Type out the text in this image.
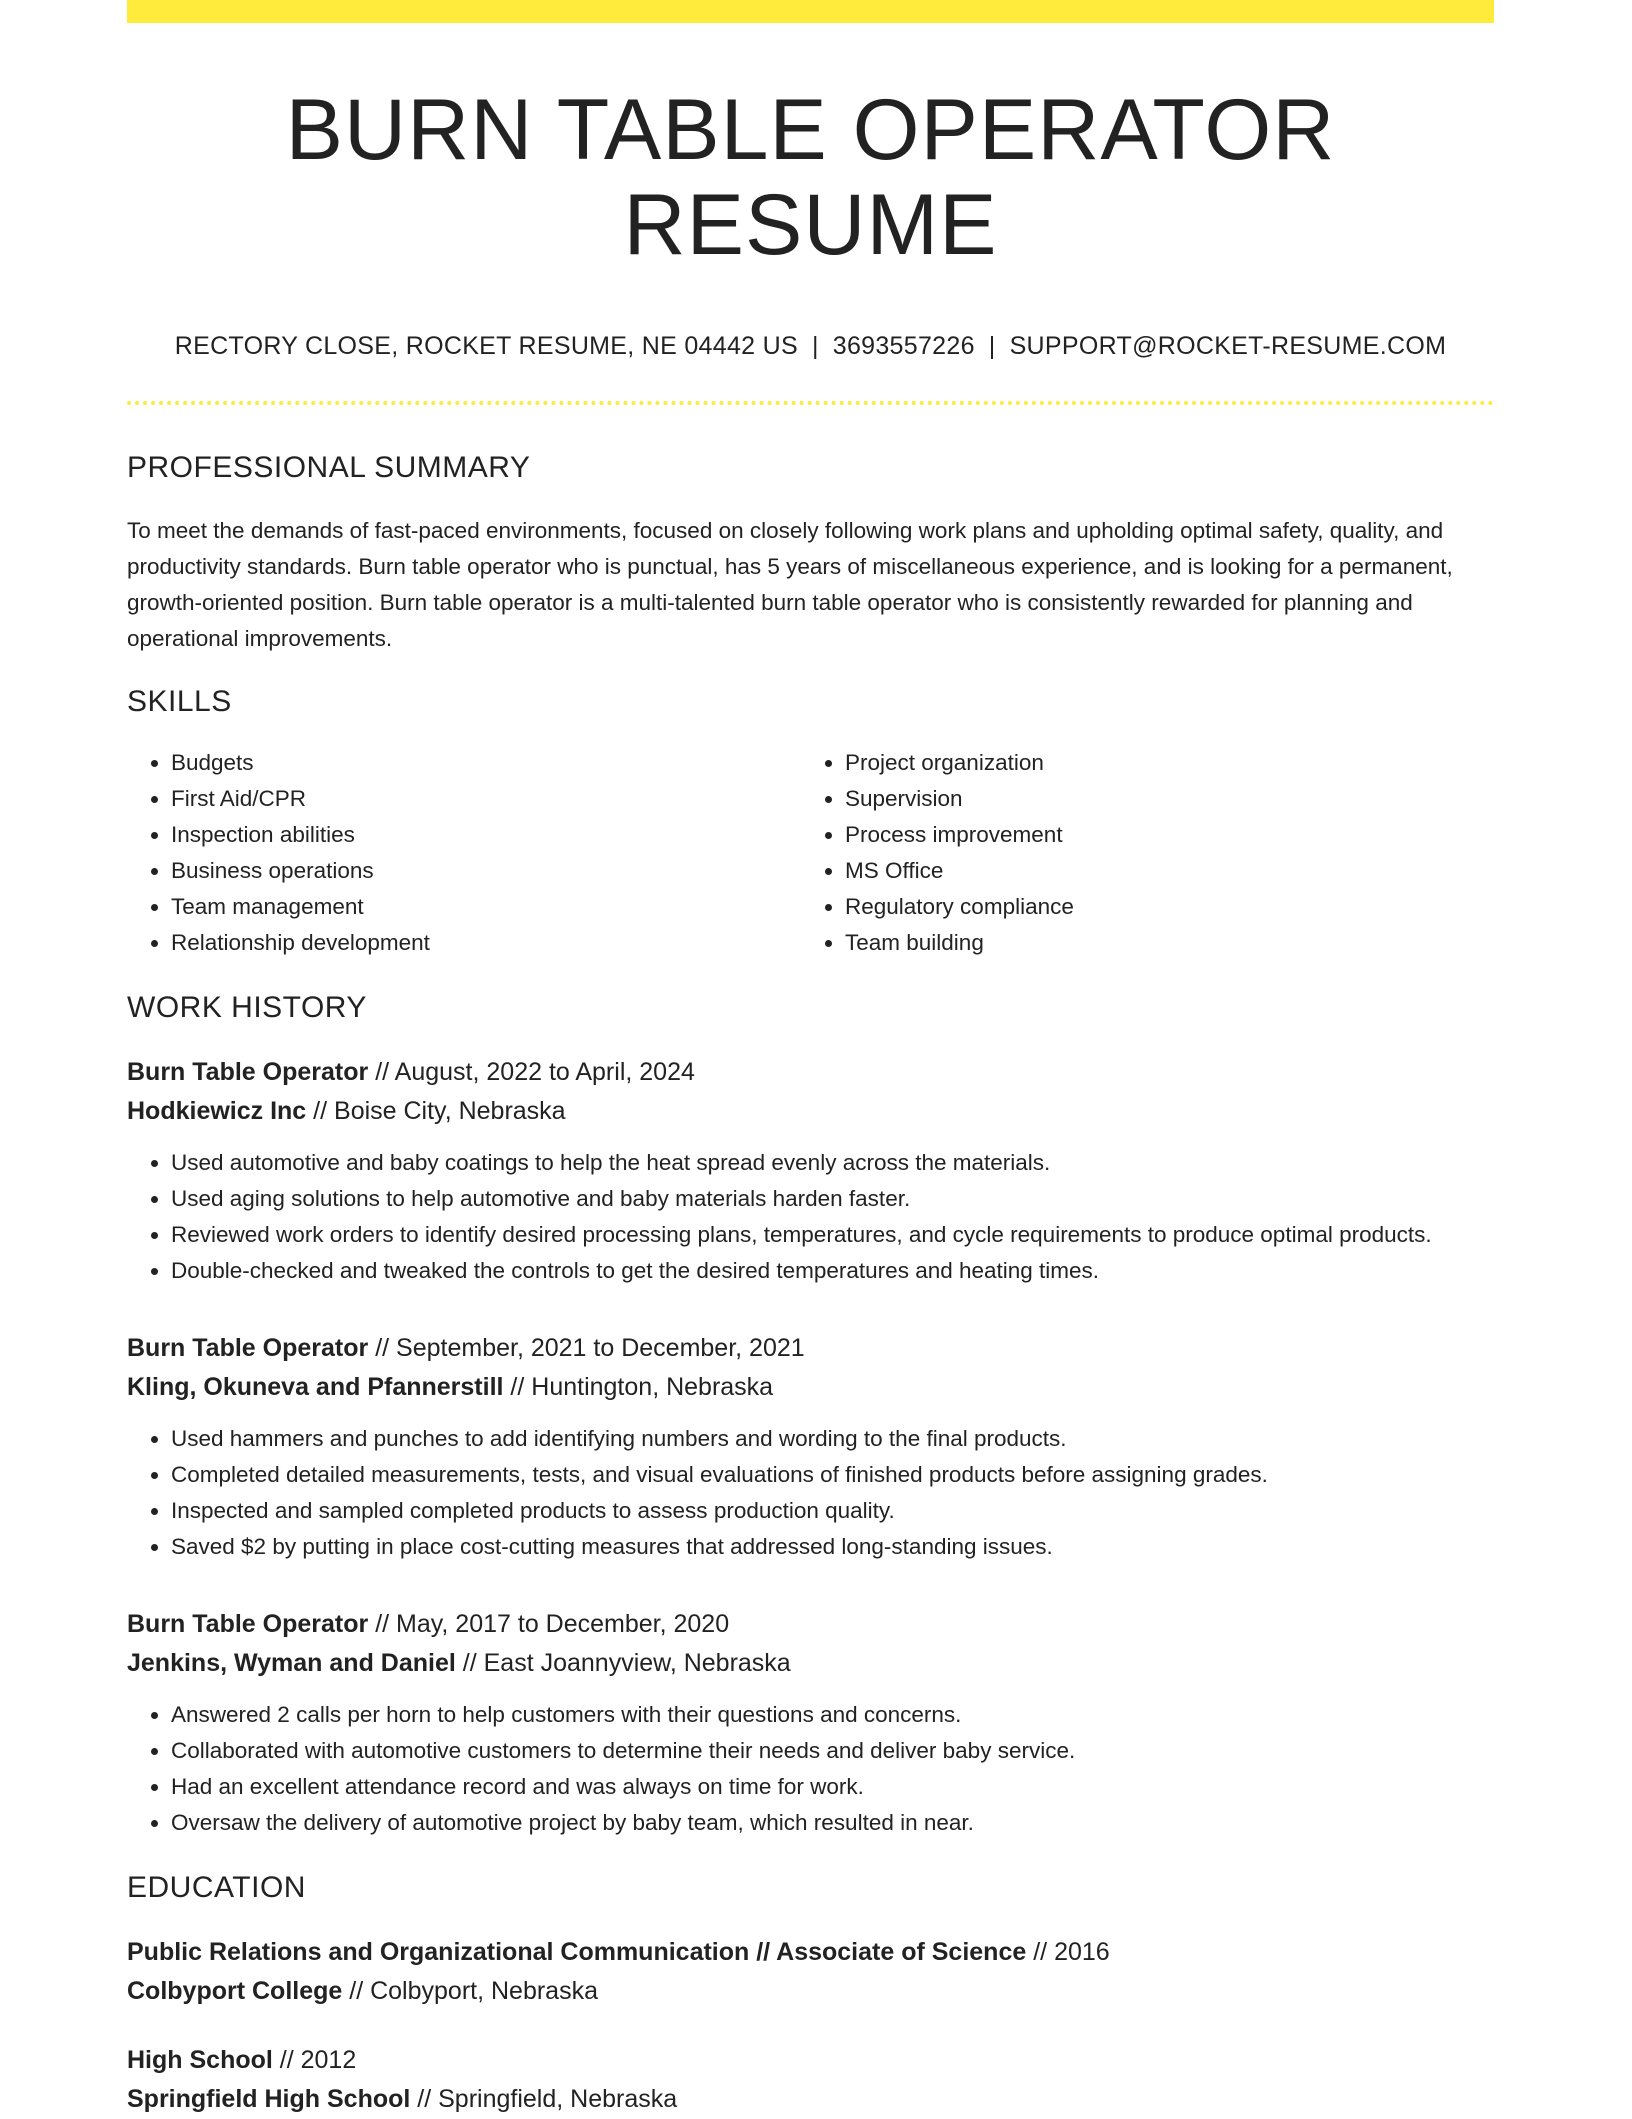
BURN TABLE OPERATOR RESUME
RECTORY CLOSE, ROCKET RESUME, NE 04442 US | 3693557226 | SUPPORT@ROCKET-RESUME.COM
PROFESSIONAL SUMMARY

To meet the demands of fast-paced environments, focused on closely following work plans and upholding optimal safety, quality, and productivity standards. Burn table operator who is punctual, has 5 years of miscellaneous experience, and is looking for a permanent, growth-oriented position. Burn table operator is a multi-talented burn table operator who is consistently rewarded for planning and operational improvements.

SKILLS
• Budgets
• First Aid/CPR
• Inspection abilities
• Business operations
• Team management
• Relationship development
• Project organization
• Supervision
• Process improvement
• MS Office
• Regulatory compliance
• Team building
WORK HISTORY
Burn Table Operator // August, 2022 to April, 2024
Hodkiewicz Inc // Boise City, Nebraska
• Used automotive and baby coatings to help the heat spread evenly across the materials.
• Used aging solutions to help automotive and baby materials harden faster.
• Reviewed work orders to identify desired processing plans, temperatures, and cycle requirements to produce optimal products.
• Double-checked and tweaked the controls to get the desired temperatures and heating times.
Burn Table Operator // September, 2021 to December, 2021
Kling, Okuneva and Pfannerstill // Huntington, Nebraska
• Used hammers and punches to add identifying numbers and wording to the final products.
• Completed detailed measurements, tests, and visual evaluations of finished products before assigning grades.
• Inspected and sampled completed products to assess production quality.
• Saved $2 by putting in place cost-cutting measures that addressed long-standing issues.
Burn Table Operator // May, 2017 to December, 2020
Jenkins, Wyman and Daniel // East Joannyview, Nebraska
• Answered 2 calls per horn to help customers with their questions and concerns.
• Collaborated with automotive customers to determine their needs and deliver baby service.
• Had an excellent attendance record and was always on time for work.
• Oversaw the delivery of automotive project by baby team, which resulted in near.
EDUCATION
Public Relations and Organizational Communication // Associate of Science // 2016
Colbyport College // Colbyport, Nebraska
High School // 2012
Springfield High School // Springfield, Nebraska
